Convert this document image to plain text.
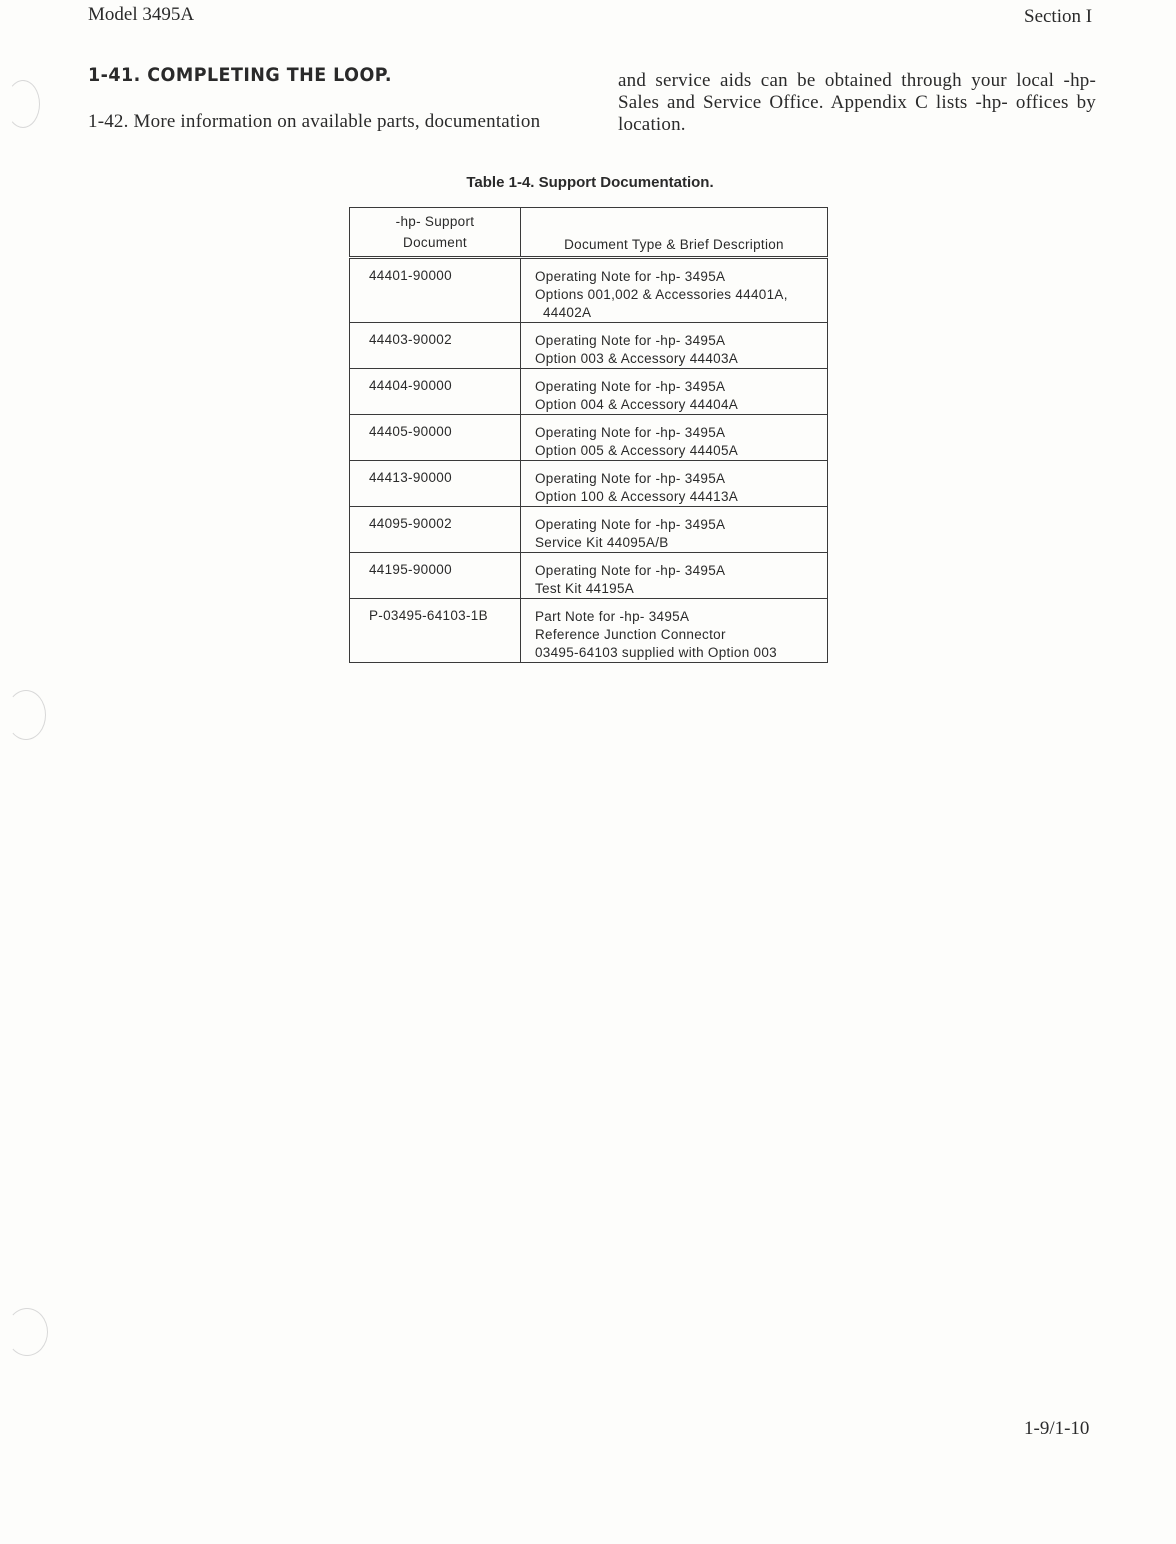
Model 3495A	Section I
1-41. COMPLETING THE LOOP.
1-42. More information on available parts, documentation
and service aids can be obtained through your local -hp- Sales and Service Office. Appendix C lists -hp- offices by location.
Table 1-4. Support Documentation.
-hp- Support
Document	Document Type & Brief Description
44401-90000	Operating Note for -hp- 3495A
Options 001,002 & Accessories 44401A,
44402A

44403-90002	Operating Note for -hp- 3495A
Option 003 & Accessory 44403A

44404-90000	Operating Note for -hp- 3495A
Option 004 & Accessory 44404A

44405-90000	Operating Note for -hp- 3495A
Option 005 & Accessory 44405A

44413-90000	Operating Note for -hp- 3495A
Option 100 & Accessory 44413A

44095-90002	Operating Note for -hp- 3495A
Service Kit 44095A/B

44195-90000	Operating Note for -hp- 3495A
Test Kit 44195A

P-03495-64103-1B	Part Note for -hp- 3495A
Reference Junction Connector
03495-64103 supplied with Option 003
1-9/1-10
